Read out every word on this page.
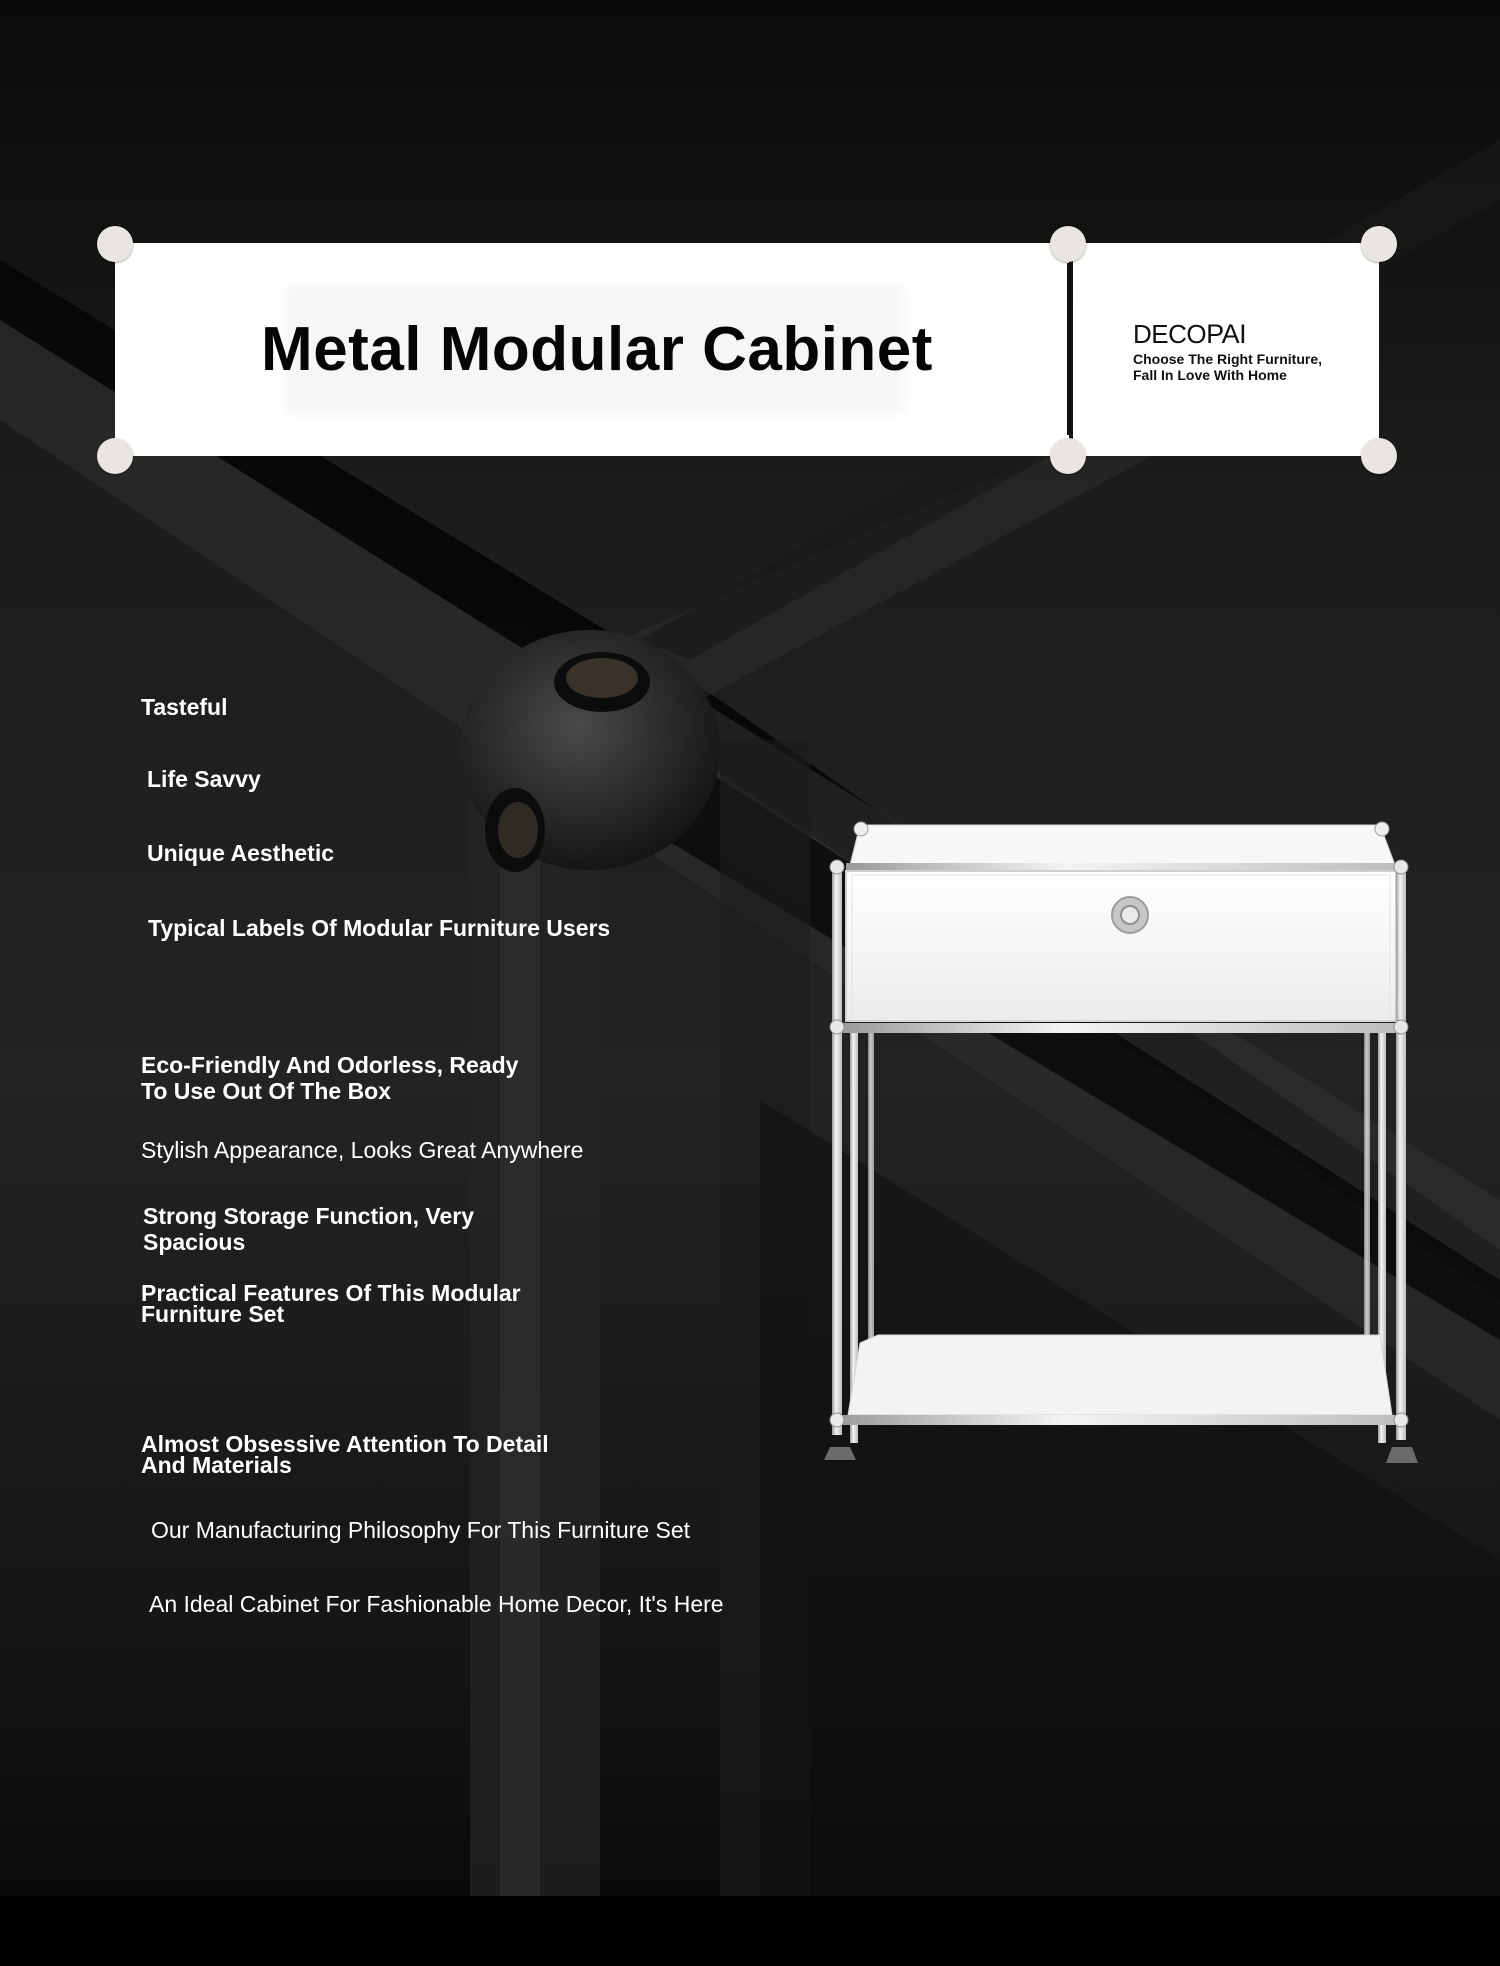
Metal Modular Cabinet	DECOPAI
Choose The Right Furniture,
Fall In Love With Home
Tasteful
Life Savvy
Unique Aesthetic
Typical Labels Of Modular Furniture Users
Eco-Friendly And Odorless, Ready
To Use Out Of The Box
Stylish Appearance, Looks Great Anywhere
Strong Storage Function, Very
Spacious
Practical Features Of This Modular
Furniture Set
Almost Obsessive Attention To Detail
And Materials
Our Manufacturing Philosophy For This Furniture Set
An Ideal Cabinet For Fashionable Home Decor, It's Here
